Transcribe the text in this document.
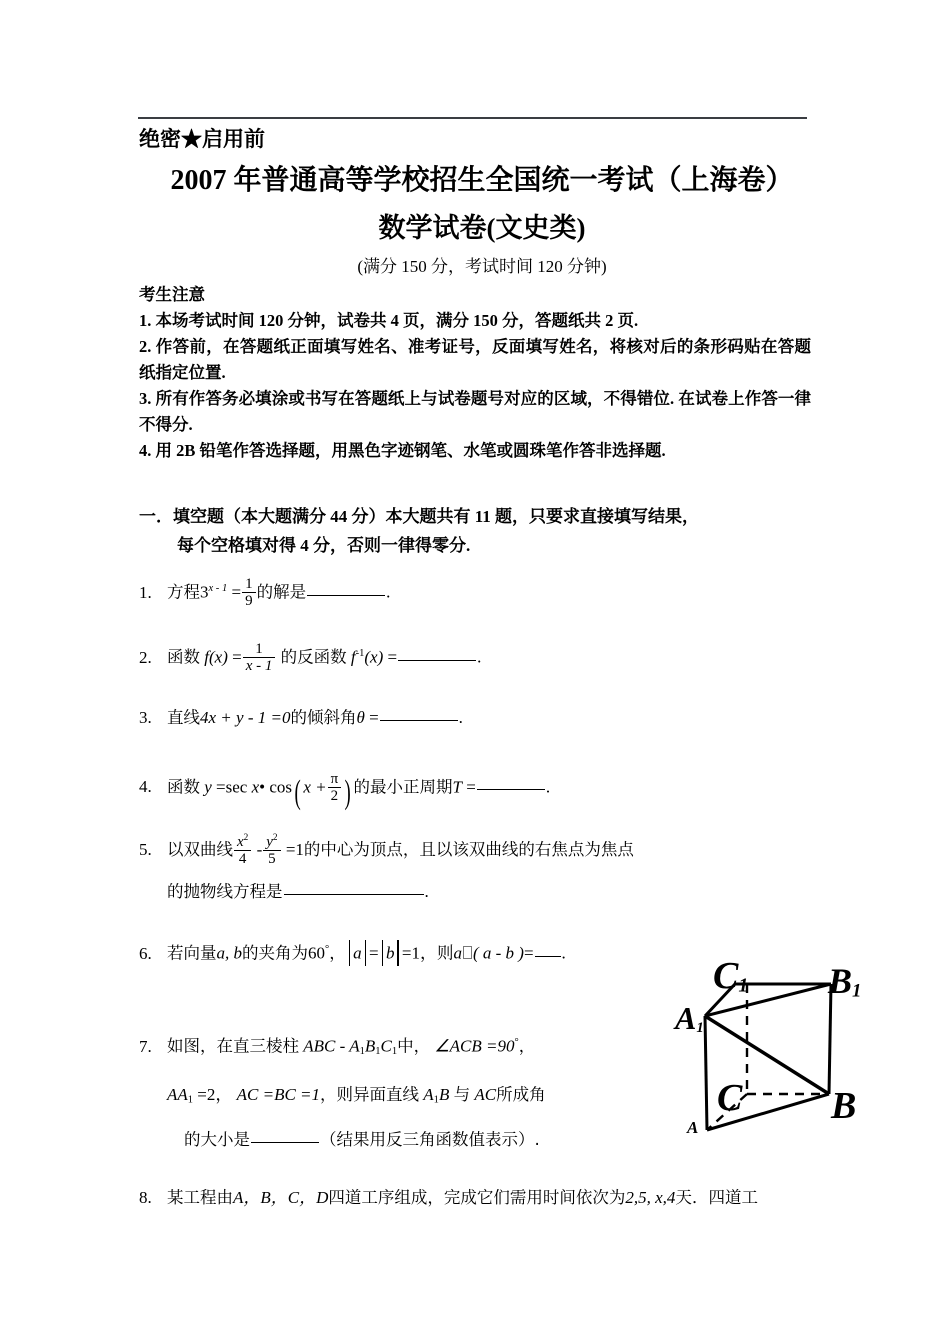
绝密★启用前
2007 年普通高等学校招生全国统一考试（上海卷）
数学试卷(文史类)
(满分 150 分，考试时间 120 分钟)
考生注意
1. 本场考试时间 120 分钟，试卷共 4 页，满分 150 分，答题纸共 2 页.
2. 作答前，在答题纸正面填写姓名、准考证号，反面填写姓名，将核对后的条形码贴在答题纸指定位置.
3. 所有作答务必填涂或书写在答题纸上与试卷题号对应的区域，不得错位. 在试卷上作答一律不得分.
4. 用 2B 铅笔作答选择题，用黑色字迹钢笔、水笔或圆珠笔作答非选择题.
一．填空题（本大题满分 44 分）本大题共有 11 题，只要求直接填写结果，
每个空格填对得 4 分，否则一律得零分.
1. 方程$3^{x - 1} = \frac{1}{9}$ 的解是	.
2. 函数 $f(x) = \frac{1}{x - 1}$ 的反函数 $f^{-1}(x)$ =	.
3. 直线4x + y - 1 =0的倾斜角θ =	.
4. 函数 y =sec x• cos( $x + \frac{\pi}{2}$ ) 的最小正周期T =	.
5. 以双曲线 $\frac{x^2}{4} - \frac{y^2}{5} =1$的中心为顶点，且以该双曲线的右焦点为焦点
的抛物线方程是	.
6. 若向量a, b的夹角为60°， a = b =1，则a ( a - b )= .
7. 如图，在直三棱柱 ABC - $A_1B_1C_1$中， ∠ACB =90°，
$AA_1 =2$， AC =BC =1，则异面直线 $A_1B$ 与 AC所成角
的大小是	（结果用反三角函数值表示）.
8. 某工程由A，B，C，D四道工序组成，完成它们需用时间依次为2,5, x,4天．四道工
C1 B1
A1
B
C
A
